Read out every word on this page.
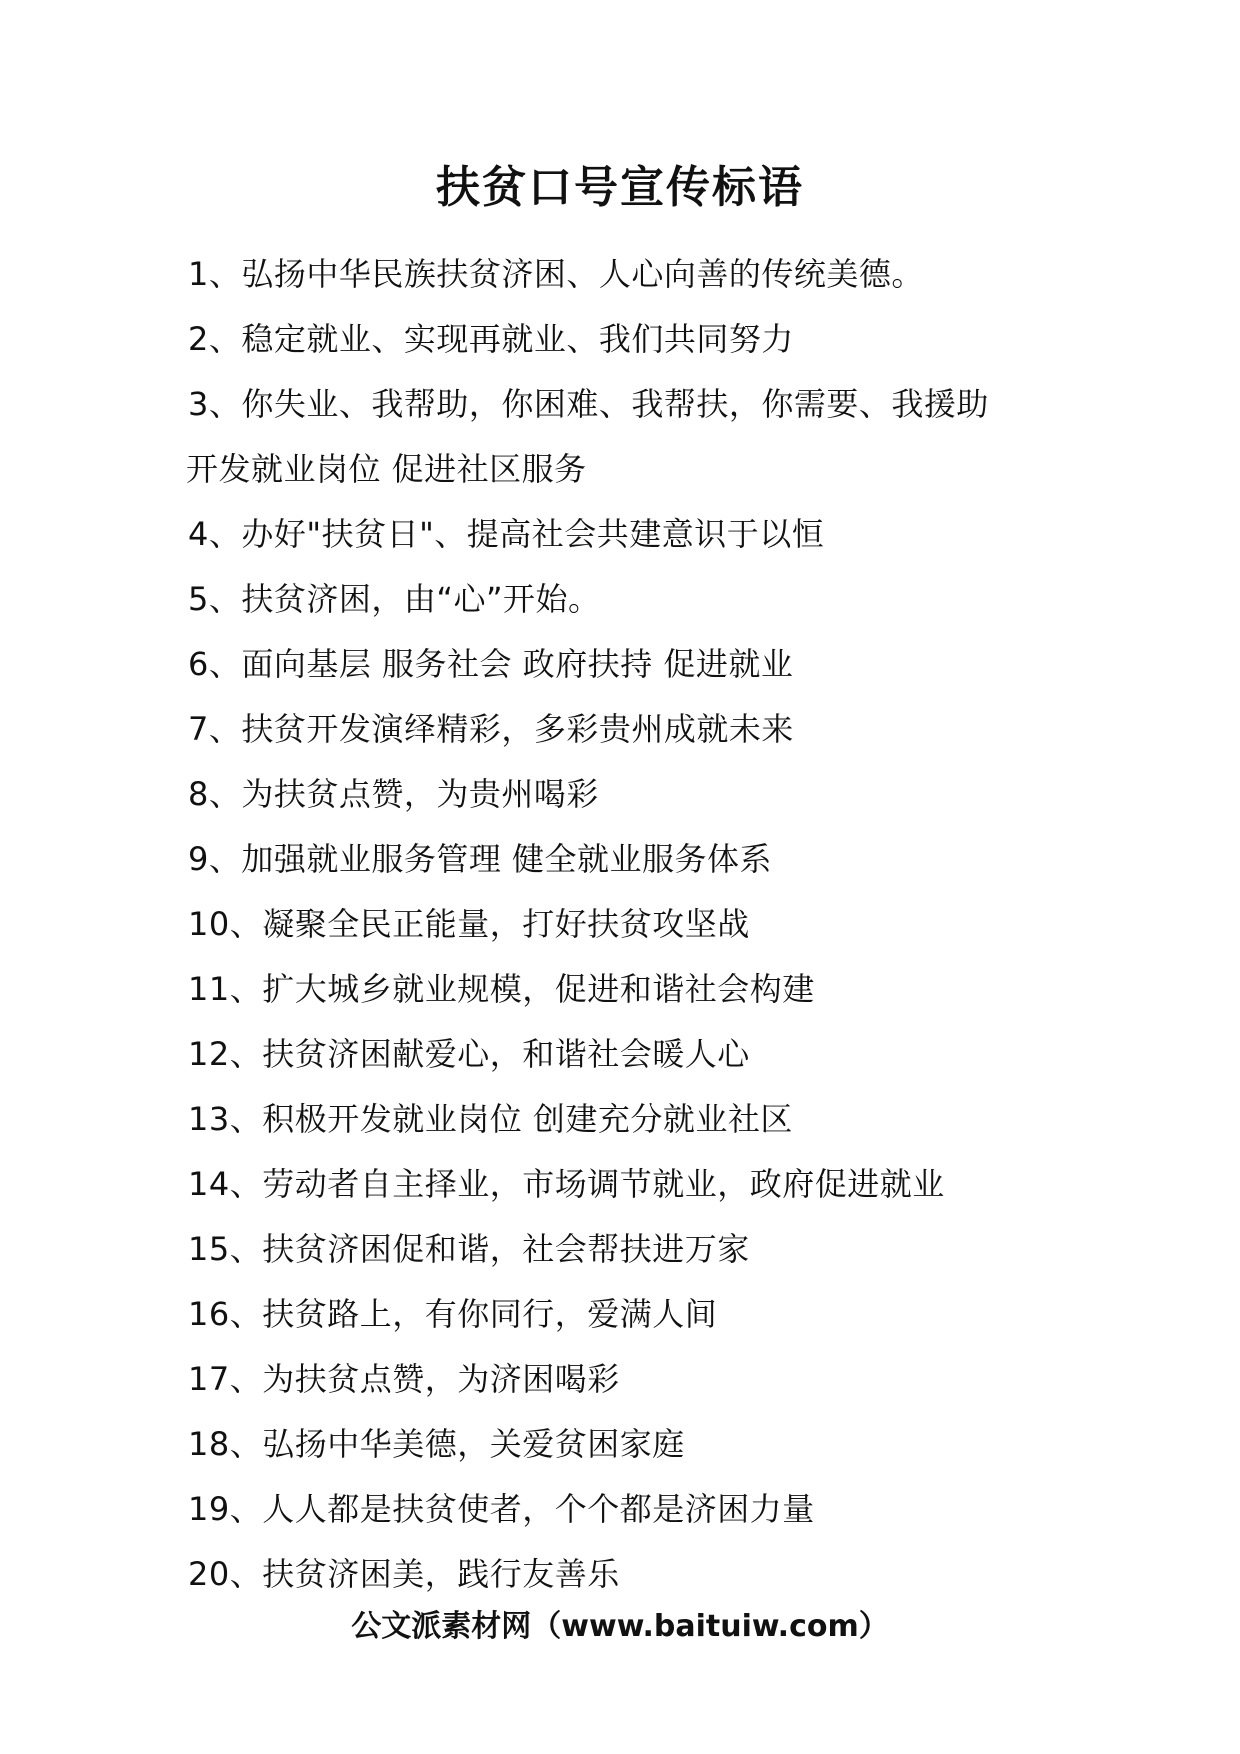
扶贫口号宣传标语
1、弘扬中华民族扶贫济困、人心向善的传统美德。
2、稳定就业、实现再就业、我们共同努力
3、你失业、我帮助，你困难、我帮扶，你需要、我援助
开发就业岗位 促进社区服务
4、办好"扶贫日"、提高社会共建意识于以恒
5、扶贫济困，由“心”开始。
6、面向基层 服务社会 政府扶持 促进就业
7、扶贫开发演绎精彩，多彩贵州成就未来
8、为扶贫点赞，为贵州喝彩
9、加强就业服务管理 健全就业服务体系
10、凝聚全民正能量，打好扶贫攻坚战
11、扩大城乡就业规模，促进和谐社会构建
12、扶贫济困献爱心，和谐社会暖人心
13、积极开发就业岗位 创建充分就业社区
14、劳动者自主择业，市场调节就业，政府促进就业
15、扶贫济困促和谐，社会帮扶进万家
16、扶贫路上，有你同行，爱满人间
17、为扶贫点赞，为济困喝彩
18、弘扬中华美德，关爱贫困家庭
19、人人都是扶贫使者，个个都是济困力量
20、扶贫济困美，践行友善乐
公文派素材网（www.baituiw.com）
